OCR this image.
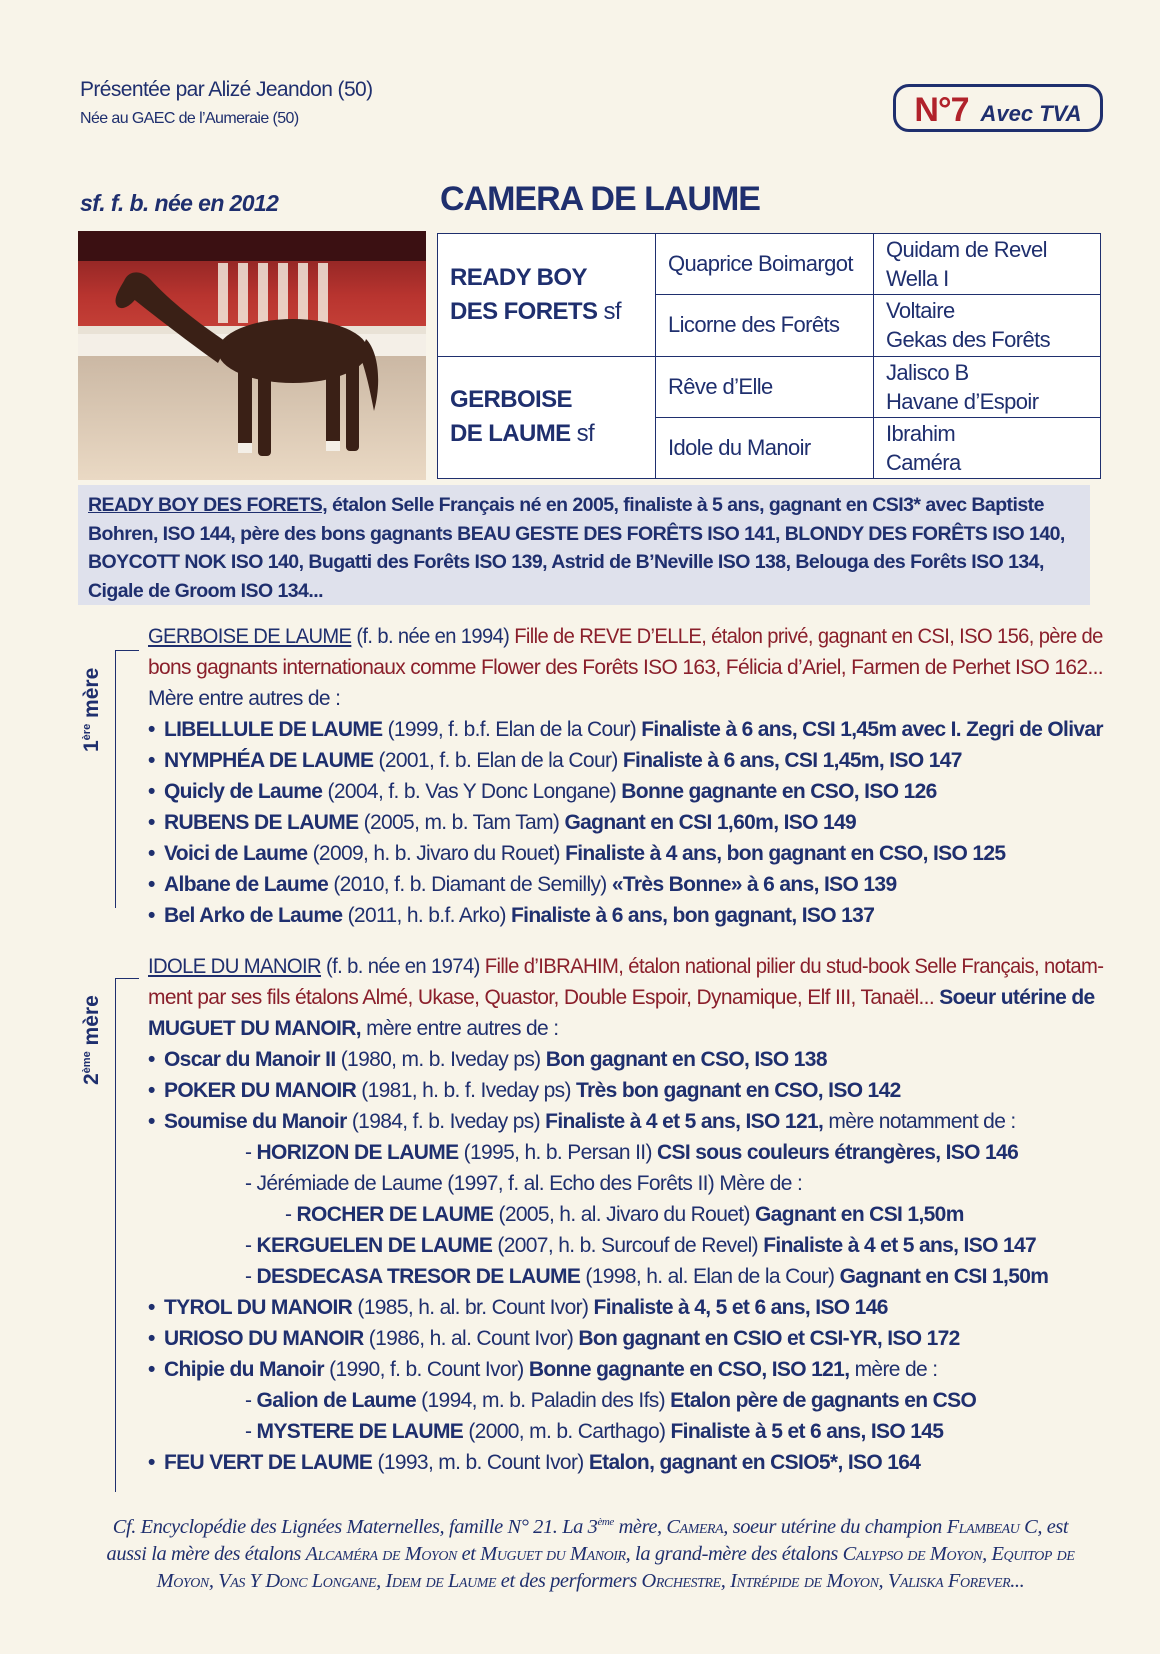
Présentée par Alizé Jeandon (50)
Née au GAEC de l’Aumeraie (50)	N°7 Avec TVA
sf. f. b. née en 2012	CAMERA DE LAUME
READY BOY
DES FORETS sf	Quaprice Boimargot	Quidam de Revel
Wella I
	Licorne des Forêts	Voltaire
Gekas des Forêts
GERBOISE
DE LAUME sf	Rêve d’Elle	Jalisco B
Havane d’Espoir
	Idole du Manoir	Ibrahim
Caméra
READY BOY DES FORETS, étalon Selle Français né en 2005, finaliste à 5 ans, gagnant en CSI3* avec Baptiste Bohren, ISO 144, père des bons gagnants BEAU GESTE DES FORÊTS ISO 141, BLONDY DES FORÊTS ISO 140, BOYCOTT NOK ISO 140, Bugatti des Forêts ISO 139, Astrid de B’Neville ISO 138, Belouga des Forêts ISO 134, Cigale de Groom ISO 134...
1ère mère
GERBOISE DE LAUME (f. b. née en 1994) Fille de REVE D’ELLE, étalon privé, gagnant en CSI, ISO 156, père de
bons gagnants internationaux comme Flower des Forêts ISO 163, Félicia d’Ariel, Farmen de Perhet ISO 162...
Mère entre autres de :
• LIBELLULE DE LAUME (1999, f. b.f. Elan de la Cour) Finaliste à 6 ans, CSI 1,45m avec I. Zegri de Olivar
• NYMPHÉA DE LAUME (2001, f. b. Elan de la Cour) Finaliste à 6 ans, CSI 1,45m, ISO 147
• Quicly de Laume (2004, f. b. Vas Y Donc Longane) Bonne gagnante en CSO, ISO 126
• RUBENS DE LAUME (2005, m. b. Tam Tam) Gagnant en CSI 1,60m, ISO 149
• Voici de Laume (2009, h. b. Jivaro du Rouet) Finaliste à 4 ans, bon gagnant en CSO, ISO 125
• Albane de Laume (2010, f. b. Diamant de Semilly) «Très Bonne» à 6 ans, ISO 139
• Bel Arko de Laume (2011, h. b.f. Arko) Finaliste à 6 ans, bon gagnant, ISO 137
2ème mère
IDOLE DU MANOIR (f. b. née en 1974) Fille d’IBRAHIM, étalon national pilier du stud-book Selle Français, notam-
ment par ses fils étalons Almé, Ukase, Quastor, Double Espoir, Dynamique, Elf III, Tanaël... Soeur utérine de
MUGUET DU MANOIR, mère entre autres de :
• Oscar du Manoir II (1980, m. b. Iveday ps) Bon gagnant en CSO, ISO 138
• POKER DU MANOIR (1981, h. b. f. Iveday ps) Très bon gagnant en CSO, ISO 142
• Soumise du Manoir (1984, f. b. Iveday ps) Finaliste à 4 et 5 ans, ISO 121, mère notamment de :
- HORIZON DE LAUME (1995, h. b. Persan II) CSI sous couleurs étrangères, ISO 146
- Jérémiade de Laume (1997, f. al. Echo des Forêts II) Mère de :
- ROCHER DE LAUME (2005, h. al. Jivaro du Rouet) Gagnant en CSI 1,50m
- KERGUELEN DE LAUME (2007, h. b. Surcouf de Revel) Finaliste à 4 et 5 ans, ISO 147
- DESDECASA TRESOR DE LAUME (1998, h. al. Elan de la Cour) Gagnant en CSI 1,50m
• TYROL DU MANOIR (1985, h. al. br. Count Ivor) Finaliste à 4, 5 et 6 ans, ISO 146
• URIOSO DU MANOIR (1986, h. al. Count Ivor) Bon gagnant en CSIO et CSI-YR, ISO 172
• Chipie du Manoir (1990, f. b. Count Ivor) Bonne gagnante en CSO, ISO 121, mère de :
- Galion de Laume (1994, m. b. Paladin des Ifs) Etalon père de gagnants en CSO
- MYSTERE DE LAUME (2000, m. b. Carthago) Finaliste à 5 et 6 ans, ISO 145
• FEU VERT DE LAUME (1993, m. b. Count Ivor) Etalon, gagnant en CSIO5*, ISO 164
Cf. Encyclopédie des Lignées Maternelles, famille N° 21. La 3ème mère, Camera, soeur utérine du champion Flambeau C, est
aussi la mère des étalons Alcaméra de Moyon et Muguet du Manoir, la grand-mère des étalons Calypso de Moyon, Equitop de
Moyon, Vas Y Donc Longane, Idem de Laume et des performers Orchestre, Intrépide de Moyon, Valiska Forever...
